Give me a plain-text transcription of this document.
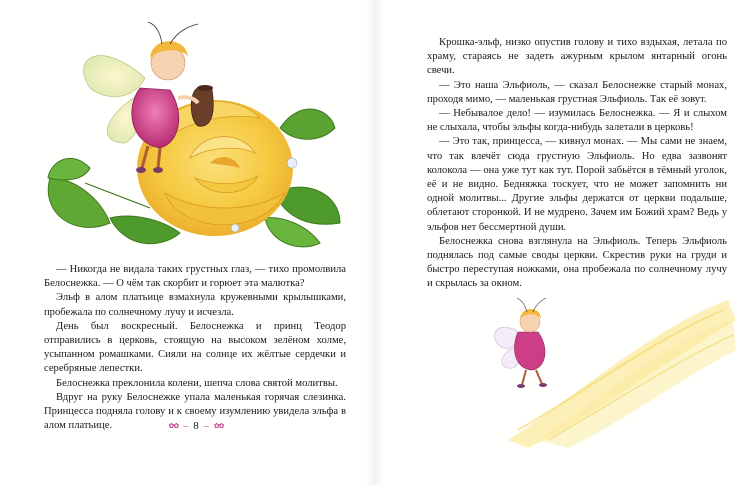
— Никогда не видала таких грустных глаз, — тихо промолвила Белоснежка. — О чём так скорбит и горюет эта малютка?

Эльф в алом платьице взмахнула кружевными крылышками, пробежала по солнечному лучу и исчезла.

День был воскресный. Белоснежка и принц Теодор отправились в церковь, стоящую на высоком зелёном холме, усыпанном ромашками. Сияли на солнце их жёлтые сердечки и серебряные лепестки.

Белоснежка преклонила колени, шепча слова святой молитвы.

Вдруг на руку Белоснежке упала маленькая горячая слезинка. Принцесса подняла голову и к своему изумлению увидела эльфа в алом платьице.	✿✿ – 8 – ✿✿

Крошка-эльф, низко опустив голову и тихо вздыхая, летала по храму, стараясь не задеть ажурным крылом янтарный огонь свечи.

— Это наша Эльфиоль, — сказал Белоснежке старый монах, проходя мимо, — маленькая грустная Эльфиоль. Так её зовут.

— Небывалое дело! — изумилась Белоснежка. — Я и слыхом не слыхала, чтобы эльфы когда-нибудь залетали в церковь!

— Это так, принцесса, — кивнул монах. — Мы сами не знаем, что так влечёт сюда грустную Эльфиоль. Но едва зазвонят колокола — она уже тут как тут. Порой забьётся в тёмный уголок, её и не видно. Бедняжка тоскует, что не может запомнить ни одной молитвы... Другие эльфы держатся от церкви подальше, облетают сторонкой. И не мудрено. Зачем им Божий храм? Ведь у эльфов нет бессмертной души.

Белоснежка снова взглянула на Эльфиоль. Теперь Эльфиоль поднялась под самые своды церкви. Скрестив руки на груди и быстро переступая ножками, она пробежала по солнечному лучу и скрылась за окном.
